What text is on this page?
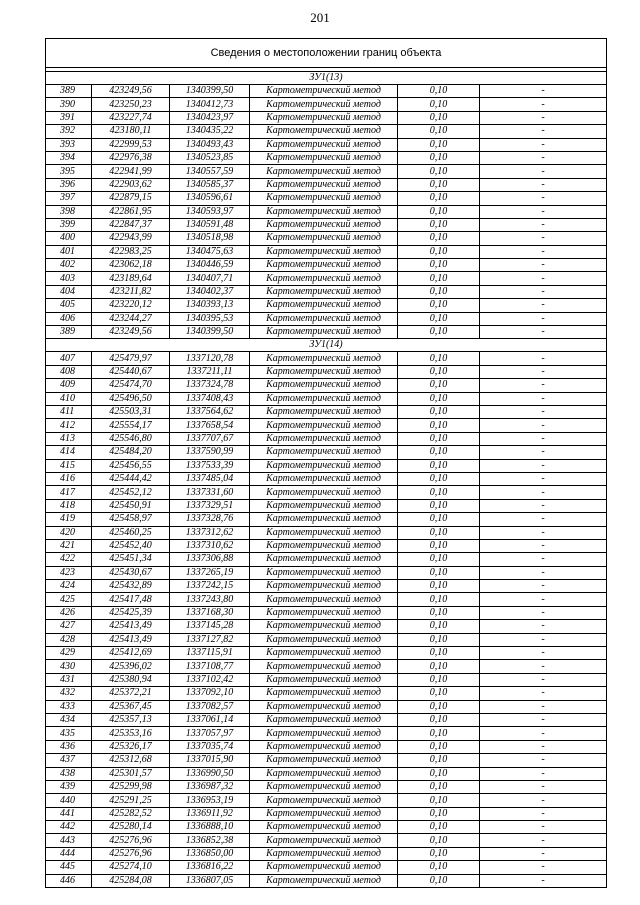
201
Сведения о местоположении границ объекта					

ЗУ1(13)					
389	423249,56	1340399,50	Картометрический метод	0,10	-
390	423250,23	1340412,73	Картометрический метод	0,10	-
391	423227,74	1340423,97	Картометрический метод	0,10	-
392	423180,11	1340435,22	Картометрический метод	0,10	-
393	422999,53	1340493,43	Картометрический метод	0,10	-
394	422976,38	1340523,85	Картометрический метод	0,10	-
395	422941,99	1340557,59	Картометрический метод	0,10	-
396	422903,62	1340585,37	Картометрический метод	0,10	-
397	422879,15	1340596,61	Картометрический метод	0,10	-
398	422861,95	1340593,97	Картометрический метод	0,10	-
399	422847,37	1340591,48	Картометрический метод	0,10	-
400	422943,99	1340518,98	Картометрический метод	0,10	-
401	422983,25	1340475,63	Картометрический метод	0,10	-
402	423062,18	1340446,59	Картометрический метод	0,10	-
403	423189,64	1340407,71	Картометрический метод	0,10	-
404	423211,82	1340402,37	Картометрический метод	0,10	-
405	423220,12	1340393,13	Картометрический метод	0,10	-
406	423244,27	1340395,53	Картометрический метод	0,10	-
389	423249,56	1340399,50	Картометрический метод	0,10	-
ЗУ1(14)					
407	425479,97	1337120,78	Картометрический метод	0,10	-
408	425440,67	1337211,11	Картометрический метод	0,10	-
409	425474,70	1337324,78	Картометрический метод	0,10	-
410	425496,50	1337408,43	Картометрический метод	0,10	-
411	425503,31	1337564,62	Картометрический метод	0,10	-
412	425554,17	1337658,54	Картометрический метод	0,10	-
413	425546,80	1337707,67	Картометрический метод	0,10	-
414	425484,20	1337590,99	Картометрический метод	0,10	-
415	425456,55	1337533,39	Картометрический метод	0,10	-
416	425444,42	1337485,04	Картометрический метод	0,10	-
417	425452,12	1337331,60	Картометрический метод	0,10	-
418	425450,91	1337329,51	Картометрический метод	0,10	-
419	425458,97	1337328,76	Картометрический метод	0,10	-
420	425460,25	1337312,62	Картометрический метод	0,10	-
421	425452,40	1337310,62	Картометрический метод	0,10	-
422	425451,34	1337306,88	Картометрический метод	0,10	-
423	425430,67	1337265,19	Картометрический метод	0,10	-
424	425432,89	1337242,15	Картометрический метод	0,10	-
425	425417,48	1337243,80	Картометрический метод	0,10	-
426	425425,39	1337168,30	Картометрический метод	0,10	-
427	425413,49	1337145,28	Картометрический метод	0,10	-
428	425413,49	1337127,82	Картометрический метод	0,10	-
429	425412,69	1337115,91	Картометрический метод	0,10	-
430	425396,02	1337108,77	Картометрический метод	0,10	-
431	425380,94	1337102,42	Картометрический метод	0,10	-
432	425372,21	1337092,10	Картометрический метод	0,10	-
433	425367,45	1337082,57	Картометрический метод	0,10	-
434	425357,13	1337061,14	Картометрический метод	0,10	-
435	425353,16	1337057,97	Картометрический метод	0,10	-
436	425326,17	1337035,74	Картометрический метод	0,10	-
437	425312,68	1337015,90	Картометрический метод	0,10	-
438	425301,57	1336990,50	Картометрический метод	0,10	-
439	425299,98	1336987,32	Картометрический метод	0,10	-
440	425291,25	1336953,19	Картометрический метод	0,10	-
441	425282,52	1336911,92	Картометрический метод	0,10	-
442	425280,14	1336888,10	Картометрический метод	0,10	-
443	425276,96	1336852,38	Картометрический метод	0,10	-
444	425276,96	1336850,00	Картометрический метод	0,10	-
445	425274,10	1336816,22	Картометрический метод	0,10	-
446	425284,08	1336807,05	Картометрический метод	0,10	-
